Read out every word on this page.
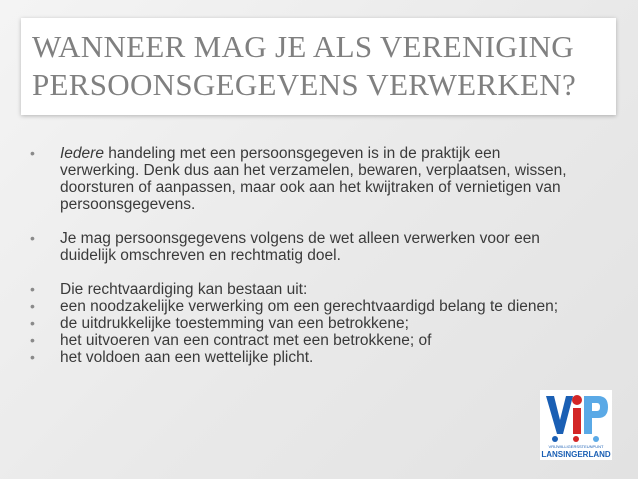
WANNEER MAG JE ALS VERENIGING
PERSOONSGEGEVENS VERWERKEN?
• Iedere handeling met een persoonsgegeven is in de praktijk een verwerking. Denk dus aan het verzamelen, bewaren, verplaatsen, wissen, doorsturen of aanpassen, maar ook aan het kwijtraken of vernietigen van persoonsgegevens.
• Je mag persoonsgegevens volgens de wet alleen verwerken voor een duidelijk omschreven en rechtmatig doel.
• Die rechtvaardiging kan bestaan uit:
• een noodzakelijke verwerking om een gerechtvaardigd belang te dienen;
• de uitdrukkelijke toestemming van een betrokkene;
• het uitvoeren van een contract met een betrokkene; of
• het voldoen aan een wettelijke plicht.
VRIJWILLIGERSSTEUNPUNT
LANSINGERLAND
